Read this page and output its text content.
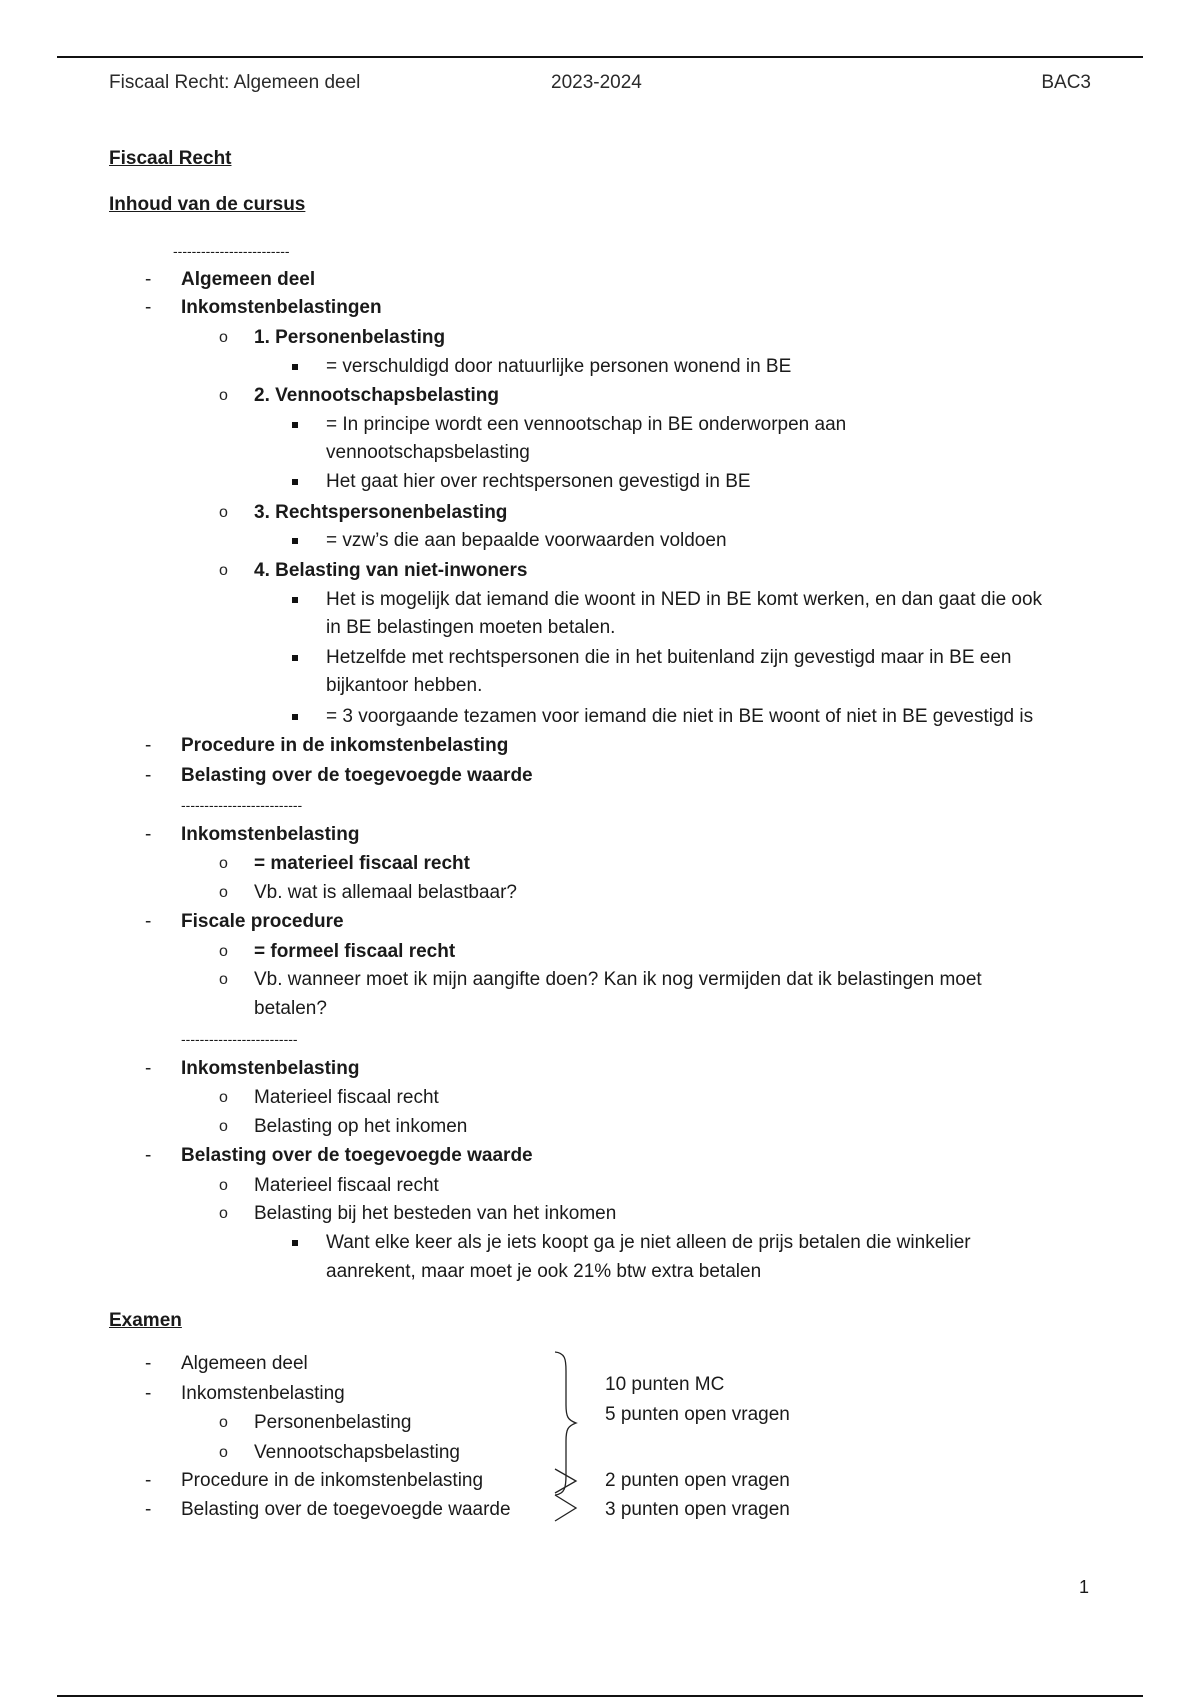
Fiscaal Recht: Algemeen deel	2023-2024	BAC3
Fiscaal Recht
Inhoud van de cursus
-------------------------
- Algemeen deel
- Inkomstenbelastingen
o 1. Personenbelasting
= verschuldigd door natuurlijke personen wonend in BE
o 2. Vennootschapsbelasting
= In principe wordt een vennootschap in BE onderworpen aan
vennootschapsbelasting
Het gaat hier over rechtspersonen gevestigd in BE
o 3. Rechtspersonenbelasting
= vzw’s die aan bepaalde voorwaarden voldoen
o 4. Belasting van niet-inwoners
Het is mogelijk dat iemand die woont in NED in BE komt werken, en dan gaat die ook
in BE belastingen moeten betalen.
Hetzelfde met rechtspersonen die in het buitenland zijn gevestigd maar in BE een
bijkantoor hebben.
= 3 voorgaande tezamen voor iemand die niet in BE woont of niet in BE gevestigd is
- Procedure in de inkomstenbelasting
- Belasting over de toegevoegde waarde
--------------------------
- Inkomstenbelasting
o = materieel fiscaal recht
o Vb. wat is allemaal belastbaar?
- Fiscale procedure
o = formeel fiscaal recht
o Vb. wanneer moet ik mijn aangifte doen? Kan ik nog vermijden dat ik belastingen moet
betalen?
-------------------------
- Inkomstenbelasting
o Materieel fiscaal recht
o Belasting op het inkomen
- Belasting over de toegevoegde waarde
o Materieel fiscaal recht
o Belasting bij het besteden van het inkomen
Want elke keer als je iets koopt ga je niet alleen de prijs betalen die winkelier
aanrekent, maar moet je ook 21% btw extra betalen
Examen
- Algemeen deel
- Inkomstenbelasting
o Personenbelasting
o Vennootschapsbelasting
- Procedure in de inkomstenbelasting
- Belasting over de toegevoegde waarde
10 punten MC
5 punten open vragen
2 punten open vragen
3 punten open vragen
1
